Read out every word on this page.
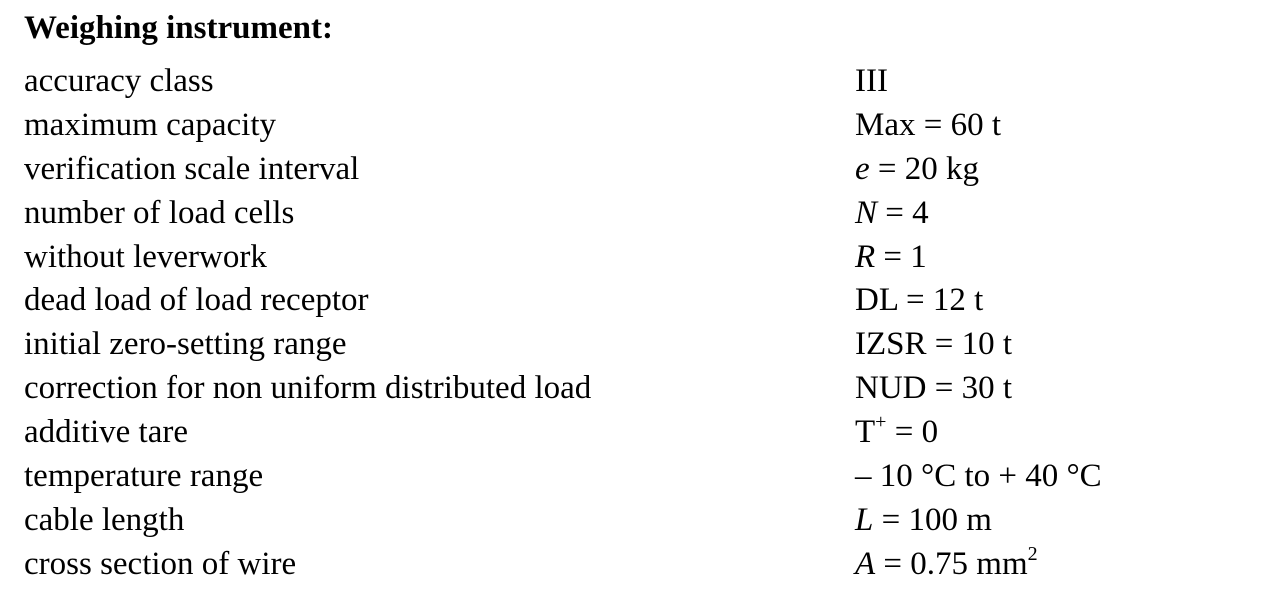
Weighing instrument:
accuracy class	III
maximum capacity	Max = 60 t
verification scale interval	e = 20 kg
number of load cells	N = 4
without leverwork	R = 1
dead load of load receptor	DL = 12 t
initial zero-setting range	IZSR = 10 t
correction for non uniform distributed load	NUD = 30 t
additive tare	T+ = 0
temperature range	– 10 °C to + 40 °C
cable length	L = 100 m
cross section of wire	A = 0.75 $mm^2$
